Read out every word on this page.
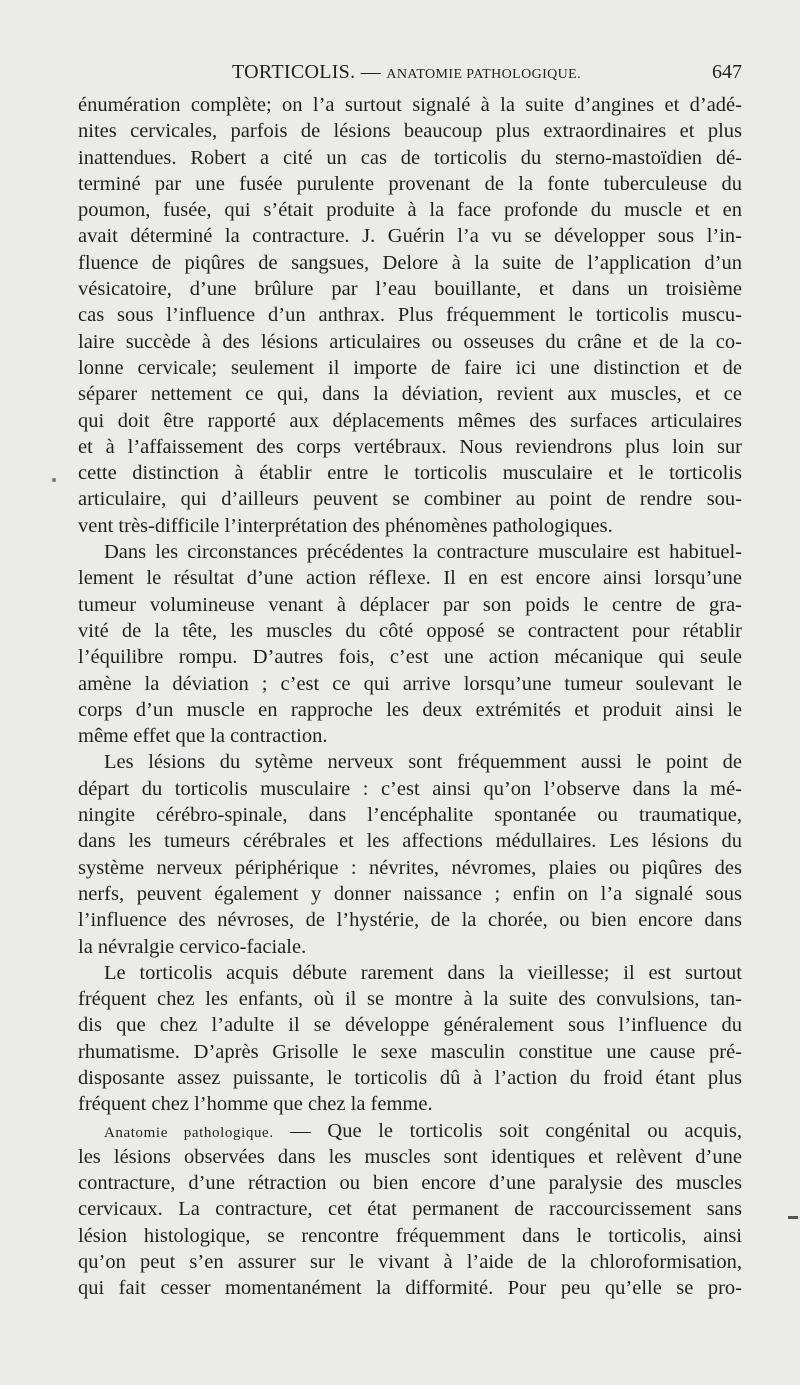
TORTICOLIS. — ANATOMIE PATHOLOGIQUE.	647
énumération complète; on l’a surtout signalé à la suite d’angines et d’adé-
nites cervicales, parfois de lésions beaucoup plus extraordinaires et plus
inattendues. Robert a cité un cas de torticolis du sterno-mastoïdien dé-
terminé par une fusée purulente provenant de la fonte tuberculeuse du
poumon, fusée, qui s’était produite à la face profonde du muscle et en
avait déterminé la contracture. J. Guérin l’a vu se développer sous l’in-
fluence de piqûres de sangsues, Delore à la suite de l’application d’un
vésicatoire, d’une brûlure par l’eau bouillante, et dans un troisième
cas sous l’influence d’un anthrax. Plus fréquemment le torticolis muscu-
laire succède à des lésions articulaires ou osseuses du crâne et de la co-
lonne cervicale; seulement il importe de faire ici une distinction et de
séparer nettement ce qui, dans la déviation, revient aux muscles, et ce
qui doit être rapporté aux déplacements mêmes des surfaces articulaires
et à l’affaissement des corps vertébraux. Nous reviendrons plus loin sur
cette distinction à établir entre le torticolis musculaire et le torticolis
articulaire, qui d’ailleurs peuvent se combiner au point de rendre sou-
vent très-difficile l’interprétation des phénomènes pathologiques.
Dans les circonstances précédentes la contracture musculaire est habituel-
lement le résultat d’une action réflexe. Il en est encore ainsi lorsqu’une
tumeur volumineuse venant à déplacer par son poids le centre de gra-
vité de la tête, les muscles du côté opposé se contractent pour rétablir
l’équilibre rompu. D’autres fois, c’est une action mécanique qui seule
amène la déviation ; c’est ce qui arrive lorsqu’une tumeur soulevant le
corps d’un muscle en rapproche les deux extrémités et produit ainsi le
même effet que la contraction.
Les lésions du sytème nerveux sont fréquemment aussi le point de
départ du torticolis musculaire : c’est ainsi qu’on l’observe dans la mé-
ningite cérébro-spinale, dans l’encéphalite spontanée ou traumatique,
dans les tumeurs cérébrales et les affections médullaires. Les lésions du
système nerveux périphérique : névrites, névromes, plaies ou piqûres des
nerfs, peuvent également y donner naissance ; enfin on l’a signalé sous
l’influence des névroses, de l’hystérie, de la chorée, ou bien encore dans
la névralgie cervico-faciale.
Le torticolis acquis débute rarement dans la vieillesse; il est surtout
fréquent chez les enfants, où il se montre à la suite des convulsions, tan-
dis que chez l’adulte il se développe généralement sous l’influence du
rhumatisme. D’après Grisolle le sexe masculin constitue une cause pré-
disposante assez puissante, le torticolis dû à l’action du froid étant plus
fréquent chez l’homme que chez la femme.
Anatomie pathologique. — Que le torticolis soit congénital ou acquis,
les lésions observées dans les muscles sont identiques et relèvent d’une
contracture, d’une rétraction ou bien encore d’une paralysie des muscles
cervicaux. La contracture, cet état permanent de raccourcissement sans
lésion histologique, se rencontre fréquemment dans le torticolis, ainsi
qu’on peut s’en assurer sur le vivant à l’aide de la chloroformisation,
qui fait cesser momentanément la difformité. Pour peu qu’elle se pro-
